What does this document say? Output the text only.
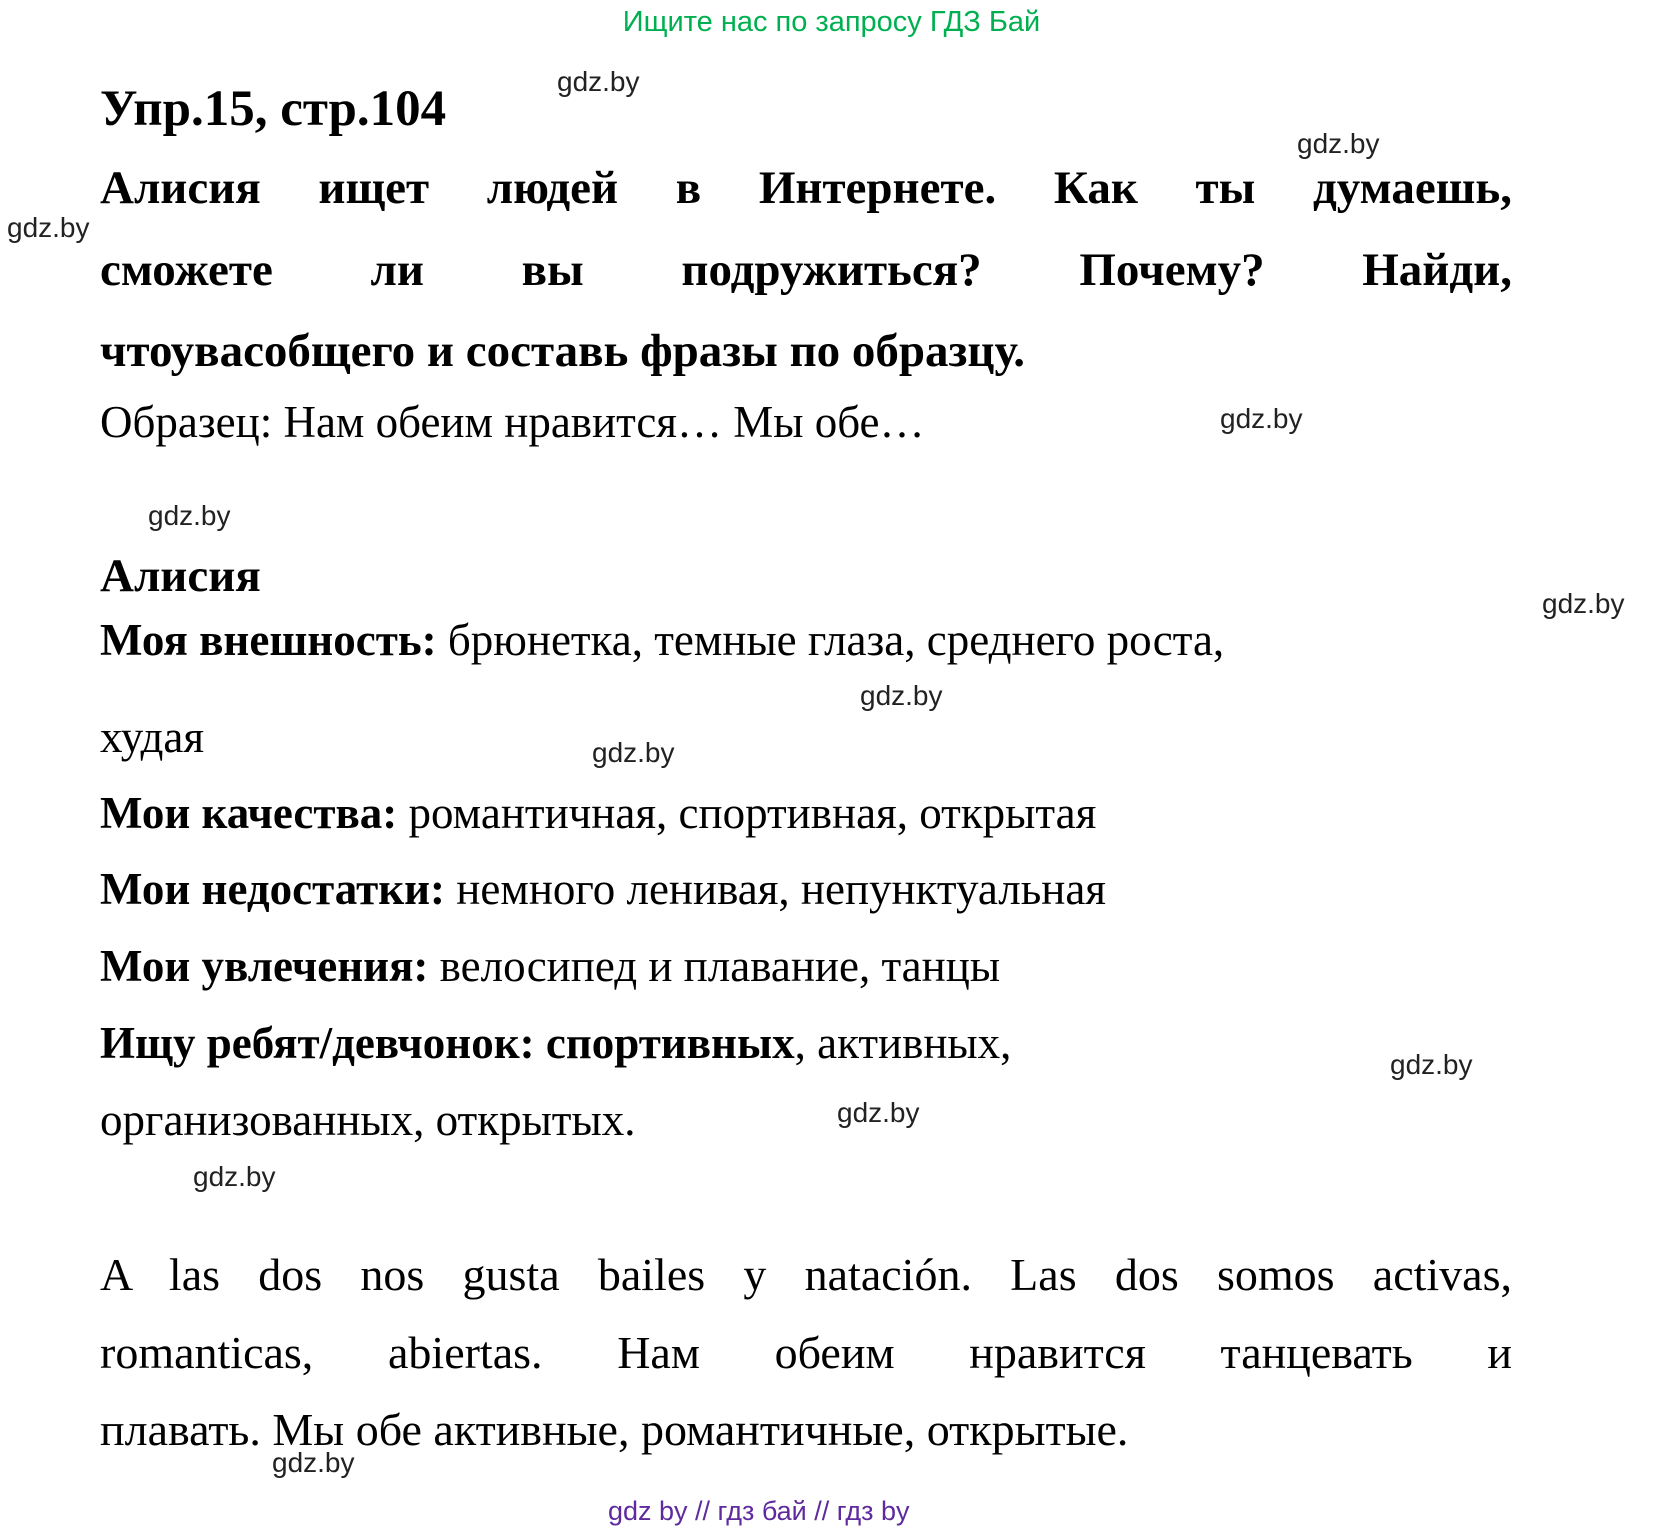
Ищите нас по запросу ГДЗ Бай
Упр.15, стр.104
Алисия ищет людей в Интернете. Как ты думаешь,
сможете ли вы подружиться? Почему? Найди,
чтоувасобщего и составь фразы по образцу.
Образец: Нам обеим нравится… Мы обе…
Алисия
Моя внешность: брюнетка, темные глаза, среднего роста,
худая
Мои качества: романтичная, спортивная, открытая
Мои недостатки: немного ленивая, непунктуальная
Мои увлечения: велосипед и плавание, танцы
Ищу ребят/девчонок: спортивных, активных,
организованных, открытых.
A las dos nos gusta bailes y natación. Las dos somos activas,
romanticas, abiertas. Нам обеим нравится танцевать и
плавать. Мы обе активные, романтичные, открытые.
gdz.by
gdz.by
gdz.by
gdz.by
gdz.by
gdz.by
gdz.by
gdz.by
gdz.by
gdz.by
gdz.by
gdz.by
gdz by // гдз бай // гдз by
